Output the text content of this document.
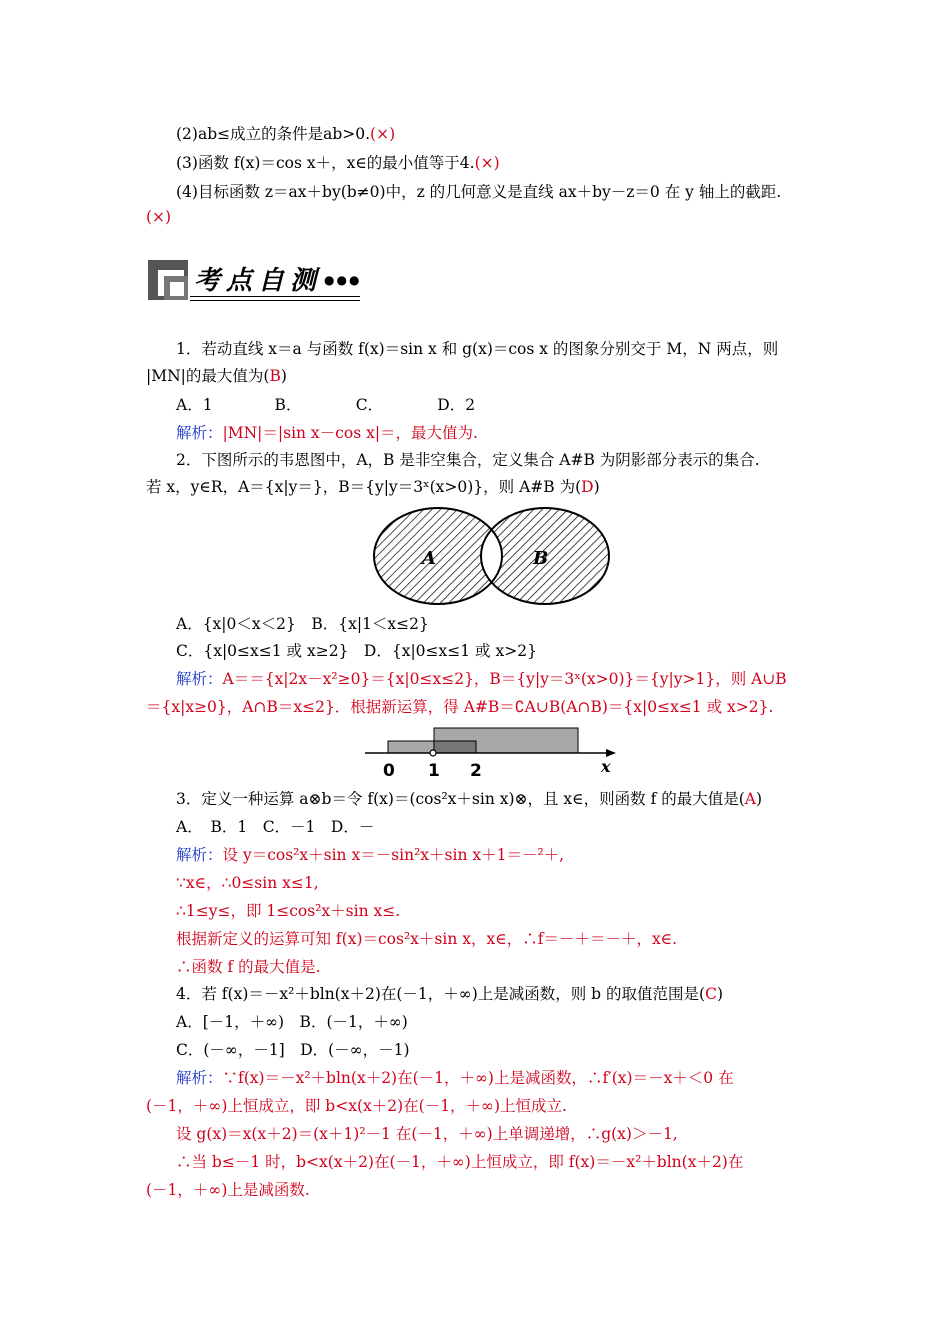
(2)ab≤成立的条件是ab>0.(×)
(3)函数 f(x)＝cos x＋，x∈的最小值等于4.(×)
(4)目标函数 z＝ax＋by(b≠0)中，z 的几何意义是直线 ax＋by－z＝0 在 y 轴上的截距.
(×)
考点自测 ●●●
1．若动直线 x＝a 与函数 f(x)＝sin x 和 g(x)＝cos x 的图象分别交于 M，N 两点，则
|MN|的最大值为(B)
A．1　　　　B．　　　　C．　　　　D．2
解析：|MN|＝|sin x－cos x|＝，最大值为.
2．下图所示的韦恩图中，A，B 是非空集合，定义集合 A#B 为阴影部分表示的集合.
若 x，y∈R，A＝{x|y＝}，B＝{y|y＝3ˣ(x>0)}，则 A#B 为(D)
A	B
A．{x|0＜x＜2}　B．{x|1＜x≤2}
C．{x|0≤x≤1 或 x≥2}　D．{x|0≤x≤1 或 x>2}
解析：A＝＝{x|2x－x²≥0}＝{x|0≤x≤2}，B＝{y|y＝3ˣ(x>0)}＝{y|y>1}，则 A∪B
＝{x|x≥0}，A∩B＝x≤2}．根据新运算，得 A#B＝∁A∪B(A∩B)＝{x|0≤x≤1 或 x>2}.
0 1 2	x
3．定义一种运算 a⊗b＝令 f(x)＝(cos²x＋sin x)⊗，且 x∈，则函数 f 的最大值是(A)
A．　B．1　C．－1　D．－
解析：设 y＝cos²x＋sin x＝－sin²x＋sin x＋1＝－²＋,
∵x∈，∴0≤sin x≤1,
∴1≤y≤，即 1≤cos²x＋sin x≤.
根据新定义的运算可知 f(x)＝cos²x＋sin x，x∈，∴f＝－＋＝－＋，x∈.
∴函数 f 的最大值是.
4．若 f(x)＝－x²＋bln(x＋2)在(－1，＋∞)上是减函数，则 b 的取值范围是(C)
A．[－1，＋∞)　B．(－1，＋∞)
C．(－∞，－1]　D．(－∞，－1)
解析：∵f(x)＝－x²＋bln(x＋2)在(－1，＋∞)上是减函数，∴f′(x)＝－x＋＜0 在
(－1，＋∞)上恒成立，即 b<x(x＋2)在(－1，＋∞)上恒成立.
设 g(x)＝x(x＋2)＝(x＋1)²－1 在(－1，＋∞)上单调递增，∴g(x)＞－1,
∴当 b≤－1 时，b<x(x＋2)在(－1，＋∞)上恒成立，即 f(x)＝－x²＋bln(x＋2)在
(－1，＋∞)上是减函数.
